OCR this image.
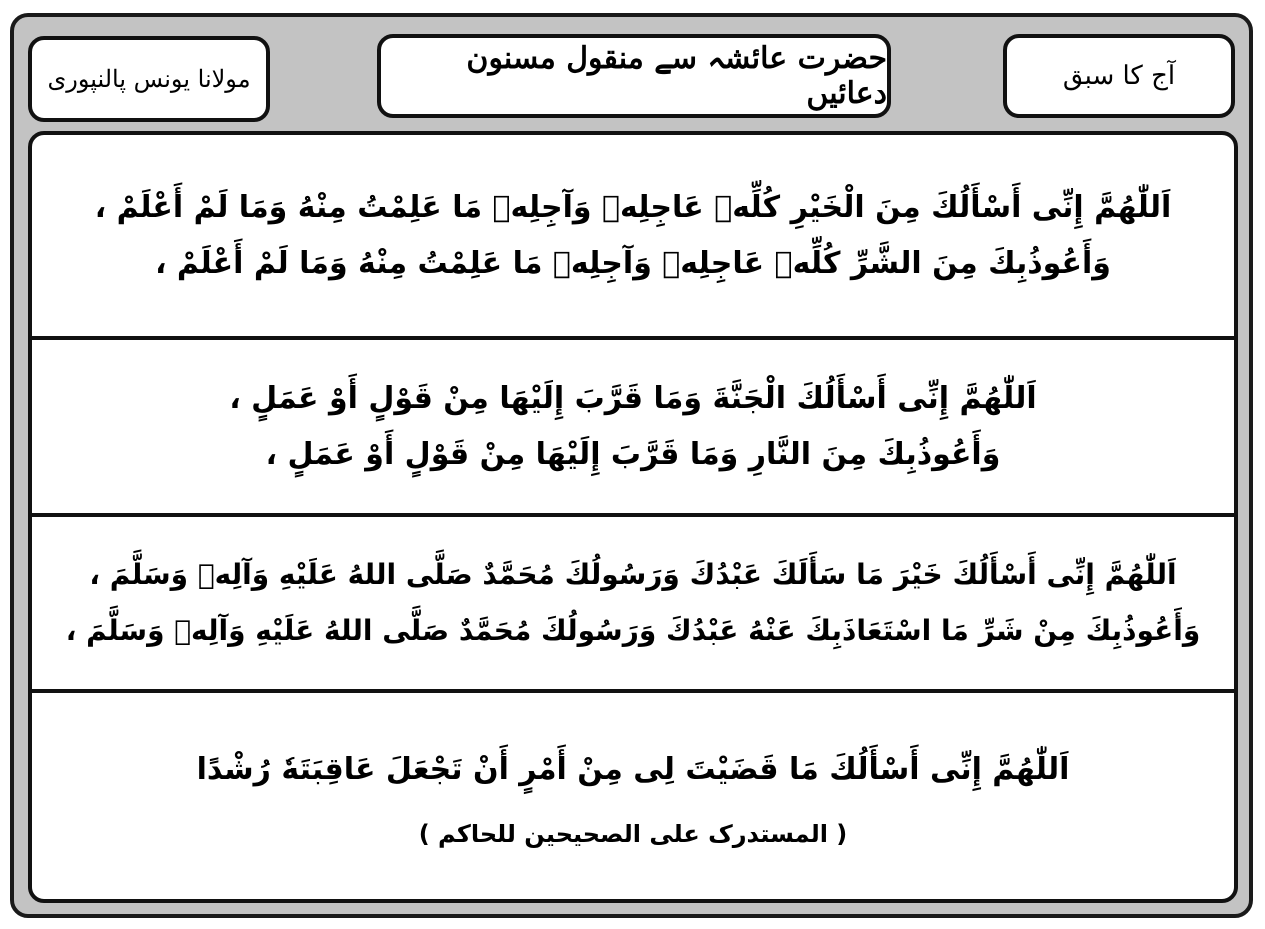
مولانا یونس پالنپوری
حضرت عائشہ سے منقول مسنون دعائیں	آج کا سبق
اَللّٰھُمَّ إِنِّی أَسْأَلُكَ مِنَ الْخَیْرِ كُلِّهٖ عَاجِلِهٖ وَآجِلِهٖ مَا عَلِمْتُ مِنْهُ وَمَا لَمْ أَعْلَمْ ،
وَأَعُوذُبِكَ مِنَ الشَّرِّ كُلِّهٖ عَاجِلِهٖ وَآجِلِهٖ مَا عَلِمْتُ مِنْهُ وَمَا لَمْ أَعْلَمْ ،
اَللّٰھُمَّ إِنِّی أَسْأَلُكَ الْجَنَّةَ وَمَا قَرَّبَ إِلَیْهَا مِنْ قَوْلٍ أَوْ عَمَلٍ ،
وَأَعُوذُبِكَ مِنَ النَّارِ وَمَا قَرَّبَ إِلَیْهَا مِنْ قَوْلٍ أَوْ عَمَلٍ ،
اَللّٰھُمَّ إِنِّی أَسْأَلُكَ خَیْرَ مَا سَأَلَكَ عَبْدُكَ وَرَسُولُكَ مُحَمَّدٌ صَلَّى اللهُ عَلَیْهِ وَآلِهٖ وَسَلَّمَ ،
وَأَعُوذُبِكَ مِنْ شَرِّ مَا اسْتَعَاذَبِكَ عَنْهُ عَبْدُكَ وَرَسُولُكَ مُحَمَّدٌ صَلَّى اللهُ عَلَیْهِ وَآلِهٖ وَسَلَّمَ ،
اَللّٰھُمَّ إِنِّی أَسْأَلُكَ مَا قَضَیْتَ لِی مِنْ أَمْرٍ أَنْ تَجْعَلَ عَاقِبَتَهٗ رُشْدًا
( المستدرک علی الصحیحین للحاکم )
